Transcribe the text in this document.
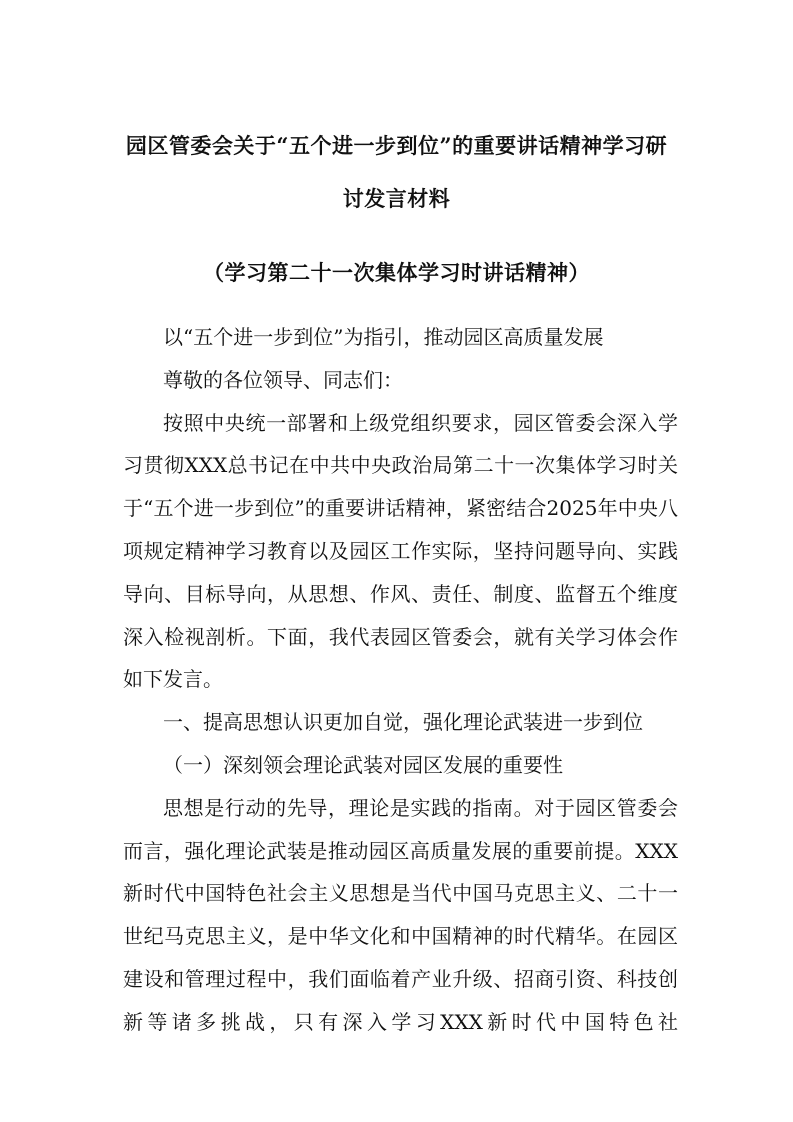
园区管委会关于“五个进一步到位”的重要讲话精神学习研
讨发言材料
（学习第二十一次集体学习时讲话精神）

以“五个进一步到位”为指引，推动园区高质量发展

尊敬的各位领导、同志们：

按照中央统一部署和上级党组织要求，园区管委会深入学习贯彻XXX总书记在中共中央政治局第二十一次集体学习时关于“五个进一步到位”的重要讲话精神，紧密结合2025年中央八项规定精神学习教育以及园区工作实际，坚持问题导向、实践导向、目标导向，从思想、作风、责任、制度、监督五个维度深入检视剖析。下面，我代表园区管委会，就有关学习体会作如下发言。

一、提高思想认识更加自觉，强化理论武装进一步到位

（一）深刻领会理论武装对园区发展的重要性

思想是行动的先导，理论是实践的指南。对于园区管委会而言，强化理论武装是推动园区高质量发展的重要前提。XXX新时代中国特色社会主义思想是当代中国马克思主义、二十一世纪马克思主义，是中华文化和中国精神的时代精华。在园区建设和管理过程中，我们面临着产业升级、招商引资、科技创新等诸多挑战，只有深入学习XXX新时代中国特色社
